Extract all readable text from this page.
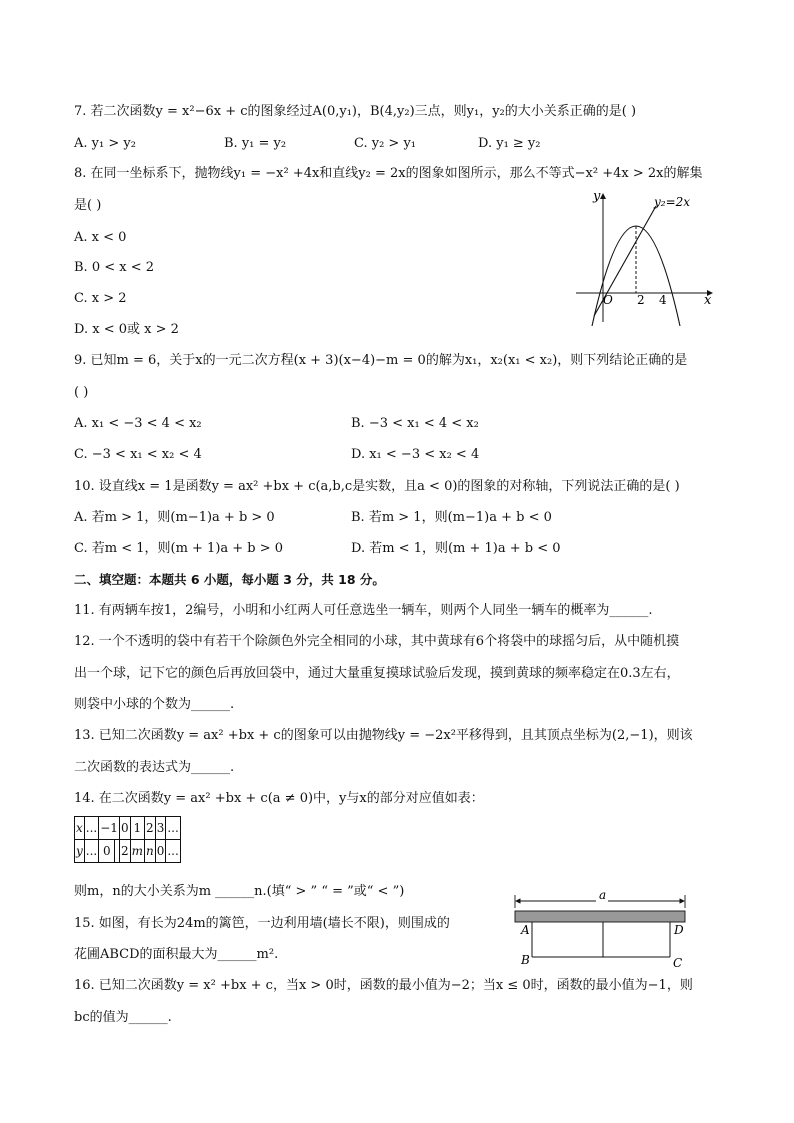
7. 若二次函数y = x²−6x + c的图象经过A(0,y₁)，B(4,y₂)三点，则y₁，y₂的大小关系正确的是( )
A. y₁ > y₂	B. y₁ = y₂	C. y₂ > y₁	D. y₁ ≥ y₂
8. 在同一坐标系下，抛物线y₁ = −x² +4x和直线y₂ = 2x的图象如图所示，那么不等式−x² +4x > 2x的解集
是( )
A. x < 0
B. 0 < x < 2
C. x > 2
D. x < 0或 x > 2
y
x
O 2 4
y₂=2x
9. 已知m = 6，关于x的一元二次方程(x + 3)(x−4)−m = 0的解为x₁，x₂(x₁ < x₂)，则下列结论正确的是
( )
A. x₁ < −3 < 4 < x₂	B. −3 < x₁ < 4 < x₂
C. −3 < x₁ < x₂ < 4	D. x₁ < −3 < x₂ < 4
10. 设直线x = 1是函数y = ax² +bx + c(a,b,c是实数，且a < 0)的图象的对称轴，下列说法正确的是( )
A. 若m > 1，则(m−1)a + b > 0	B. 若m > 1，则(m−1)a + b < 0
C. 若m < 1，则(m + 1)a + b > 0	D. 若m < 1，则(m + 1)a + b < 0
二、填空题：本题共 6 小题，每小题 3 分，共 18 分。
11. 有两辆车按1，2编号，小明和小红两人可任意选坐一辆车，则两个人同坐一辆车的概率为______.
12. 一个不透明的袋中有若干个除颜色外完全相同的小球，其中黄球有6个将袋中的球摇匀后，从中随机摸
出一个球，记下它的颜色后再放回袋中，通过大量重复摸球试验后发现，摸到黄球的频率稳定在0.3左右，
则袋中小球的个数为______.
13. 已知二次函数y = ax² +bx + c的图象可以由抛物线y = −2x²平移得到，且其顶点坐标为(2,−1)，则该
二次函数的表达式为______.
14. 在二次函数y = ax² +bx + c(a ≠ 0)中，y与x的部分对应值如表：
x	...	−1		0	1	2	3	...
y	...	0		2	m	n	0	...
则m，n的大小关系为m ______n.(填“ > ” “ = ”或“ < ”)
15. 如图，有长为24m的篱笆，一边利用墙(墙长不限)，则围成的
花圃ABCD的面积最大为______m².
a
A	D
B	C
16. 已知二次函数y = x² +bx + c，当x > 0时，函数的最小值为−2；当x ≤ 0时，函数的最小值为−1，则
bc的值为______.
